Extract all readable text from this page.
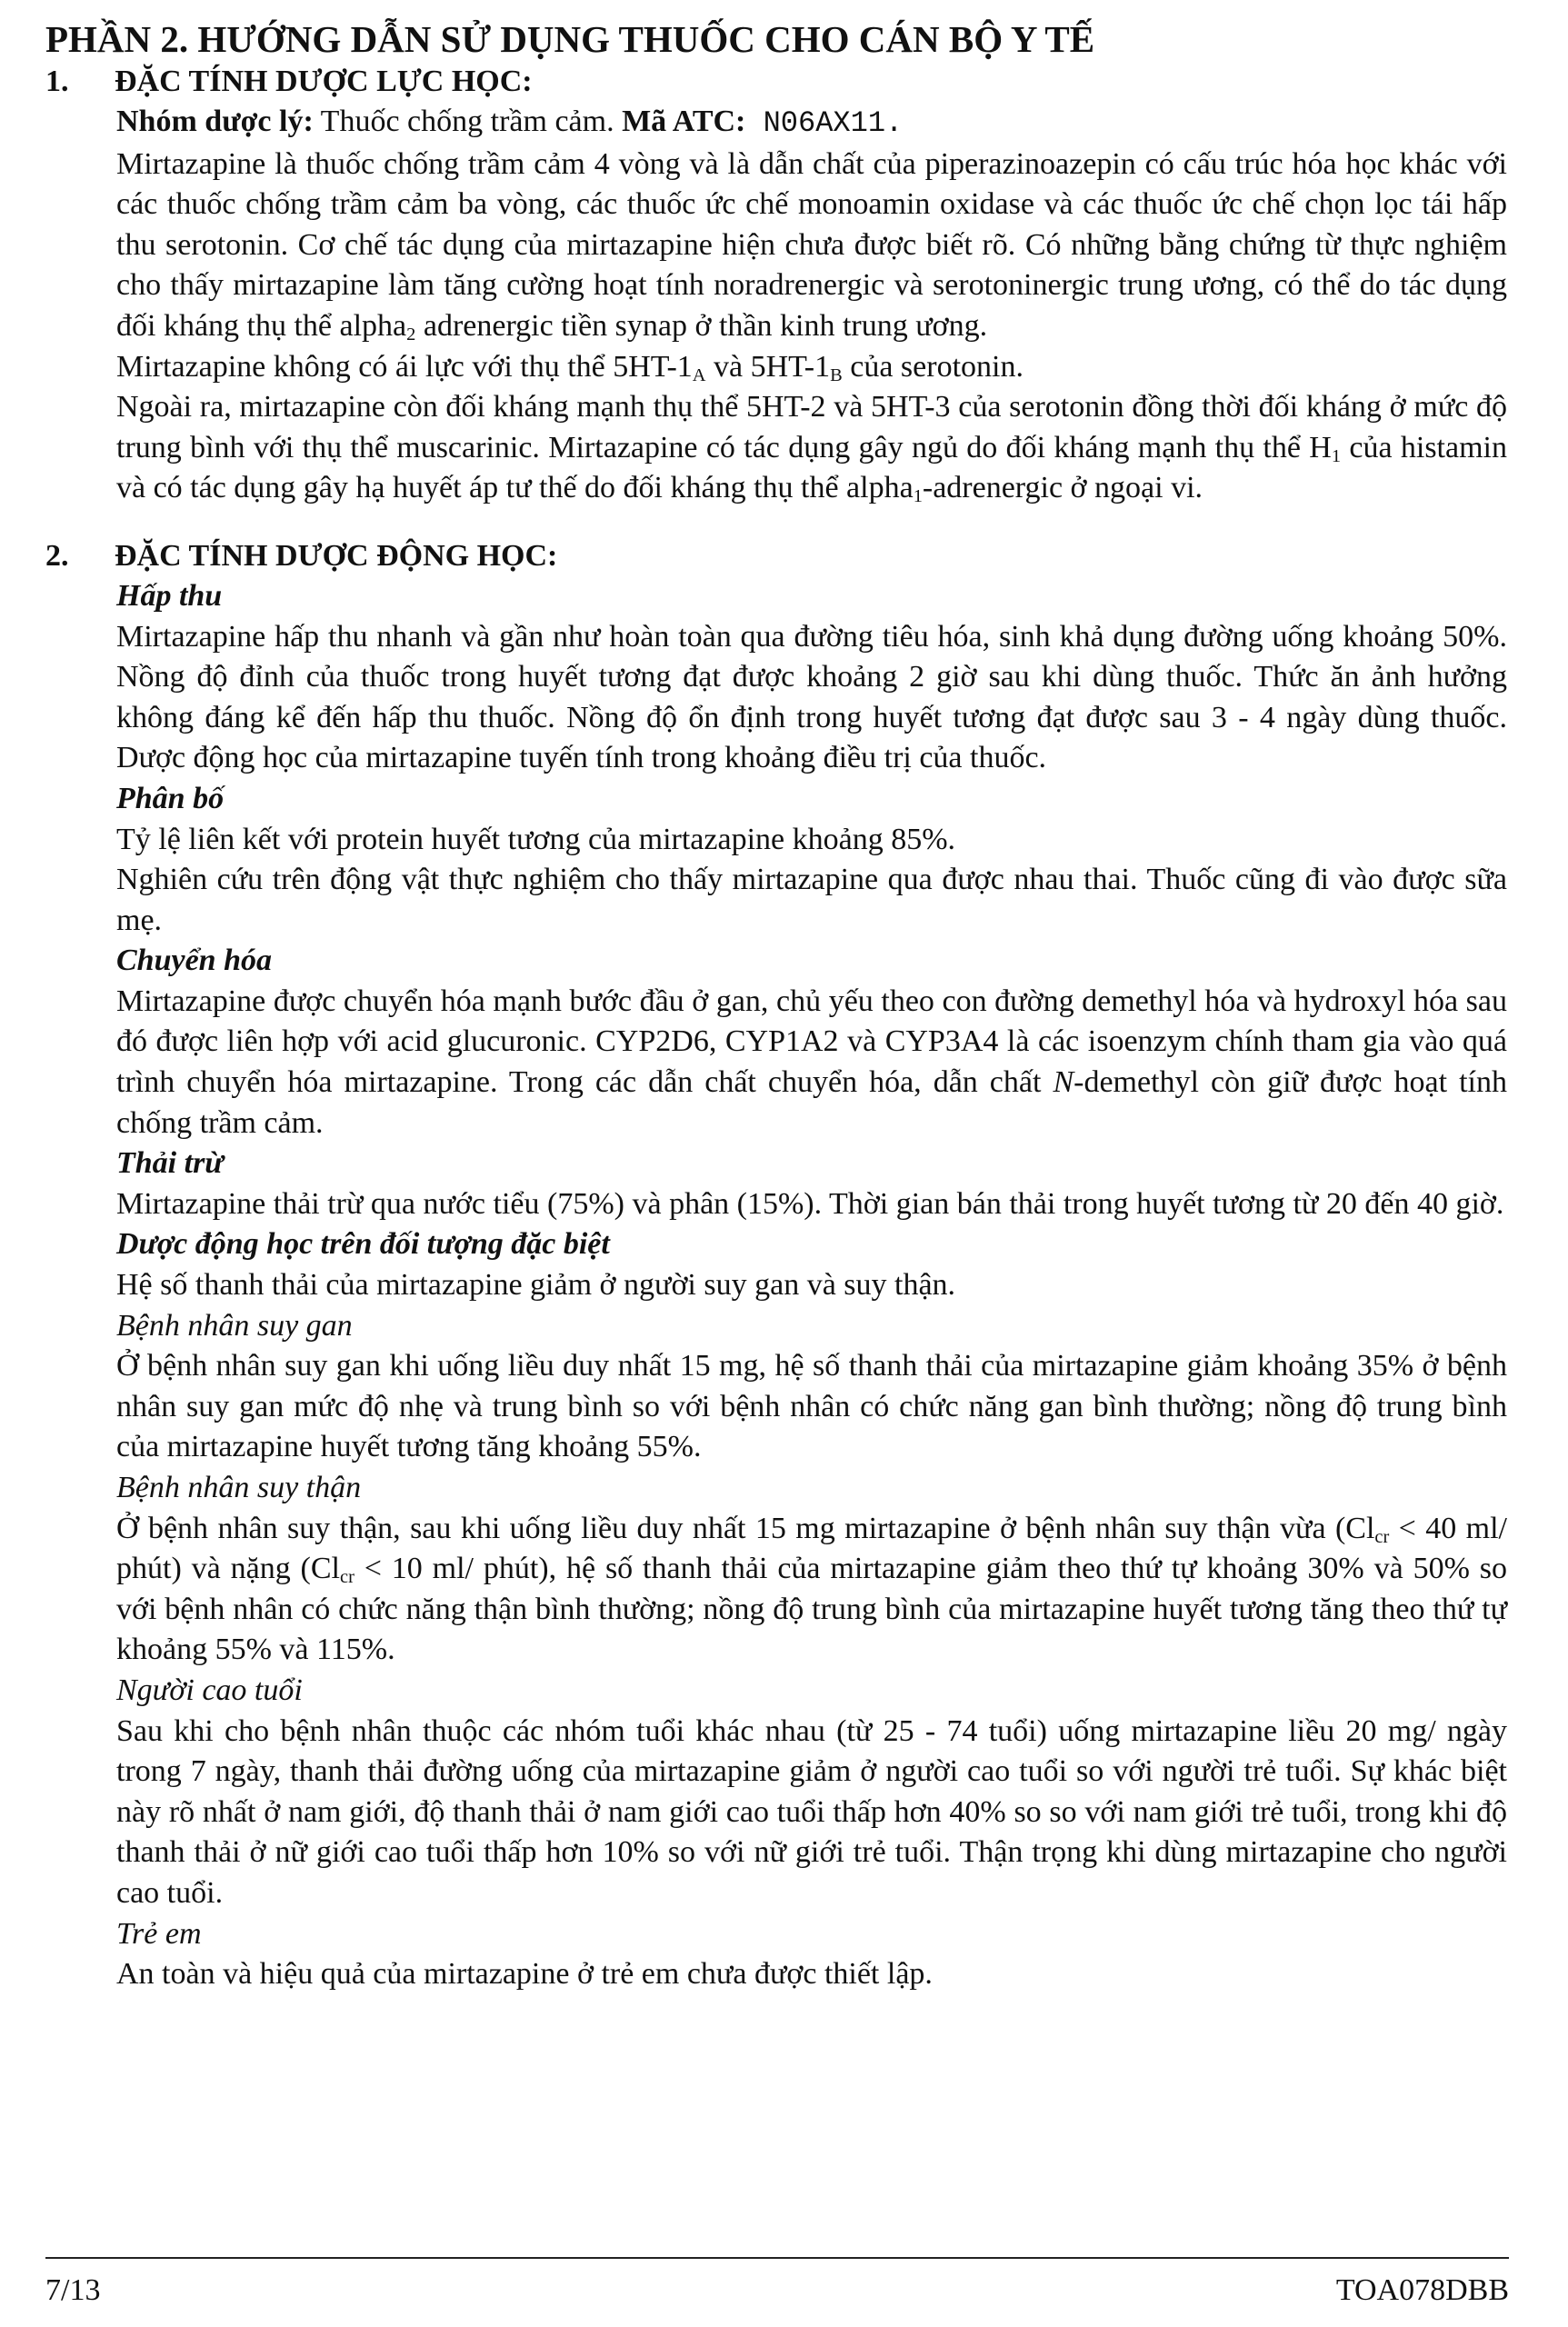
PHẦN 2. HƯỚNG DẪN SỬ DỤNG THUỐC CHO CÁN BỘ Y TẾ
1. ĐẶC TÍNH DƯỢC LỰC HỌC:

Nhóm dược lý: Thuốc chống trầm cảm. Mã ATC: N06AX11.

Mirtazapine là thuốc chống trầm cảm 4 vòng và là dẫn chất của piperazinoazepin có cấu trúc hóa học khác với các thuốc chống trầm cảm ba vòng, các thuốc ức chế monoamin oxidase và các thuốc ức chế chọn lọc tái hấp thu serotonin. Cơ chế tác dụng của mirtazapine hiện chưa được biết rõ. Có những bằng chứng từ thực nghiệm cho thấy mirtazapine làm tăng cường hoạt tính noradrenergic và serotoninergic trung ương, có thể do tác dụng đối kháng thụ thể alpha$_2$ adrenergic tiền synap ở thần kinh trung ương.

Mirtazapine không có ái lực với thụ thể $5HT-1_A$ và $5HT-1_B$ của serotonin.

Ngoài ra, mirtazapine còn đối kháng mạnh thụ thể 5HT-2 và 5HT-3 của serotonin đồng thời đối kháng ở mức độ trung bình với thụ thể muscarinic. Mirtazapine có tác dụng gây ngủ do đối kháng mạnh thụ thể $H_1$ của histamin và có tác dụng gây hạ huyết áp tư thế do đối kháng thụ thể alpha$_1$-adrenergic ở ngoại vi.

2. ĐẶC TÍNH DƯỢC ĐỘNG HỌC:

Hấp thu

Mirtazapine hấp thu nhanh và gần như hoàn toàn qua đường tiêu hóa, sinh khả dụng đường uống khoảng 50%. Nồng độ đỉnh của thuốc trong huyết tương đạt được khoảng 2 giờ sau khi dùng thuốc. Thức ăn ảnh hưởng không đáng kể đến hấp thu thuốc. Nồng độ ổn định trong huyết tương đạt được sau 3 - 4 ngày dùng thuốc. Dược động học của mirtazapine tuyến tính trong khoảng điều trị của thuốc.

Phân bố

Tỷ lệ liên kết với protein huyết tương của mirtazapine khoảng 85%.

Nghiên cứu trên động vật thực nghiệm cho thấy mirtazapine qua được nhau thai. Thuốc cũng đi vào được sữa mẹ.

Chuyển hóa

Mirtazapine được chuyển hóa mạnh bước đầu ở gan, chủ yếu theo con đường demethyl hóa và hydroxyl hóa sau đó được liên hợp với acid glucuronic. CYP2D6, CYP1A2 và CYP3A4 là các isoenzym chính tham gia vào quá trình chuyển hóa mirtazapine. Trong các dẫn chất chuyển hóa, dẫn chất N-demethyl còn giữ được hoạt tính chống trầm cảm.

Thải trừ

Mirtazapine thải trừ qua nước tiểu (75%) và phân (15%). Thời gian bán thải trong huyết tương từ 20 đến 40 giờ.

Dược động học trên đối tượng đặc biệt

Hệ số thanh thải của mirtazapine giảm ở người suy gan và suy thận.

Bệnh nhân suy gan

Ở bệnh nhân suy gan khi uống liều duy nhất 15 mg, hệ số thanh thải của mirtazapine giảm khoảng 35% ở bệnh nhân suy gan mức độ nhẹ và trung bình so với bệnh nhân có chức năng gan bình thường; nồng độ trung bình của mirtazapine huyết tương tăng khoảng 55%.

Bệnh nhân suy thận

Ở bệnh nhân suy thận, sau khi uống liều duy nhất 15 mg mirtazapine ở bệnh nhân suy thận vừa ($Cl_{cr} < 40$ ml/ phút) và nặng ($Cl_{cr} < 10$ ml/ phút), hệ số thanh thải của mirtazapine giảm theo thứ tự khoảng 30% và 50% so với bệnh nhân có chức năng thận bình thường; nồng độ trung bình của mirtazapine huyết tương tăng theo thứ tự khoảng 55% và 115%.

Người cao tuổi

Sau khi cho bệnh nhân thuộc các nhóm tuổi khác nhau (từ 25 - 74 tuổi) uống mirtazapine liều 20 mg/ ngày trong 7 ngày, thanh thải đường uống của mirtazapine giảm ở người cao tuổi so với người trẻ tuổi. Sự khác biệt này rõ nhất ở nam giới, độ thanh thải ở nam giới cao tuổi thấp hơn 40% so so với nam giới trẻ tuổi, trong khi độ thanh thải ở nữ giới cao tuổi thấp hơn 10% so với nữ giới trẻ tuổi. Thận trọng khi dùng mirtazapine cho người cao tuổi.

Trẻ em

An toàn và hiệu quả của mirtazapine ở trẻ em chưa được thiết lập.

7/13	TOA078DBB
